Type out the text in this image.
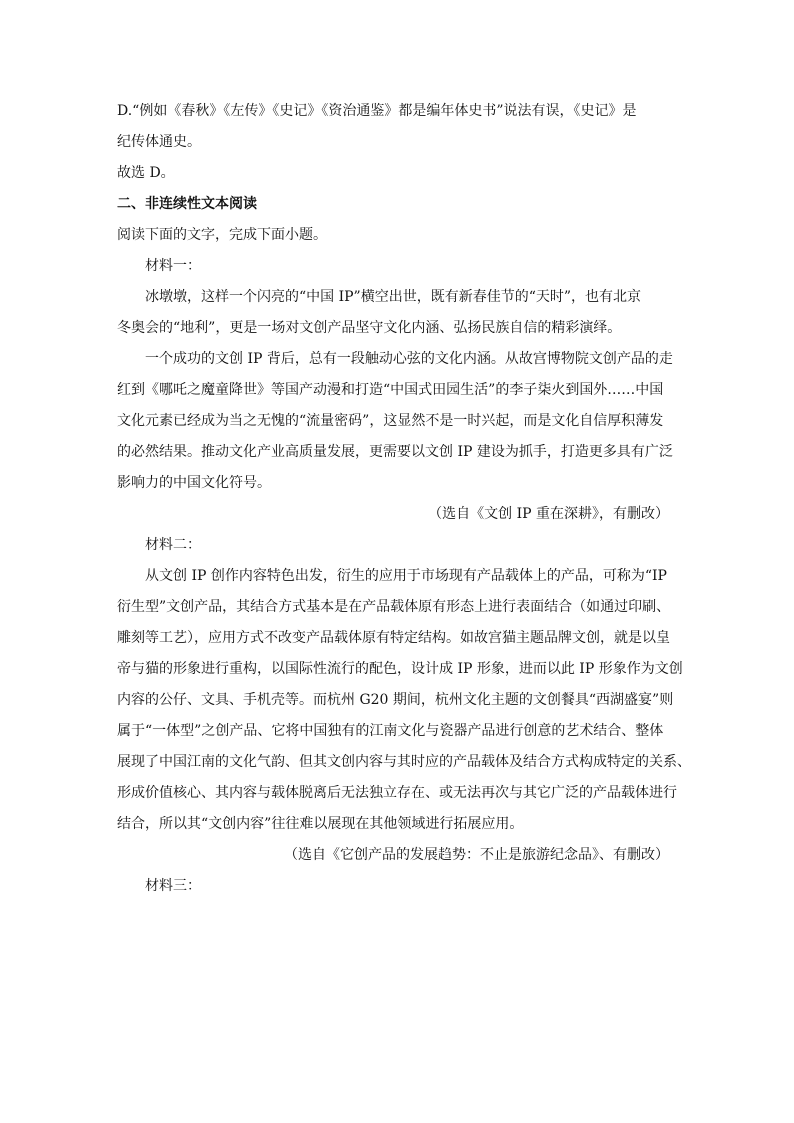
D.“例如《春秋》《左传》《史记》《资治通鉴》都是编年体史书”说法有误，《史记》是

纪传体通史。

故选 D。

二、非连续性文本阅读

阅读下面的文字，完成下面小题。

材料一：

冰墩墩，这样一个闪亮的“中国 IP”横空出世，既有新春佳节的“天时”，也有北京

冬奥会的“地利”，更是一场对文创产品坚守文化内涵、弘扬民族自信的精彩演绎。

一个成功的文创 IP 背后，总有一段触动心弦的文化内涵。从故宫博物院文创产品的走

红到《哪吒之魔童降世》等国产动漫和打造“中国式田园生活”的李子柒火到国外……中国

文化元素已经成为当之无愧的“流量密码”，这显然不是一时兴起，而是文化自信厚积薄发

的必然结果。推动文化产业高质量发展，更需要以文创 IP 建设为抓手，打造更多具有广泛

影响力的中国文化符号。

（选自《文创 IP 重在深耕》，有删改）

材料二：

从文创 IP 创作内容特色出发，衍生的应用于市场现有产品载体上的产品，可称为“IP

衍生型”文创产品，其结合方式基本是在产品载体原有形态上进行表面结合（如通过印刷、

雕刻等工艺），应用方式不改变产品载体原有特定结构。如故宫猫主题品牌文创，就是以皇

帝与猫的形象进行重构，以国际性流行的配色，设计成 IP 形象，进而以此 IP 形象作为文创

内容的公仔、文具、手机壳等。而杭州 G20 期间，杭州文化主题的文创餐具“西湖盛宴”则

属于“一体型”之创产品、它将中国独有的江南文化与瓷器产品进行创意的艺术结合、整体

展现了中国江南的文化气韵、但其文创内容与其时应的产品载体及结合方式构成特定的关系、

形成价值核心、其内容与载体脱离后无法独立存在、或无法再次与其它广泛的产品载体进行

结合，所以其“文创内容”往往难以展现在其他领域进行拓展应用。

（选自《它创产品的发展趋势：不止是旅游纪念品》、有删改）

材料三：
